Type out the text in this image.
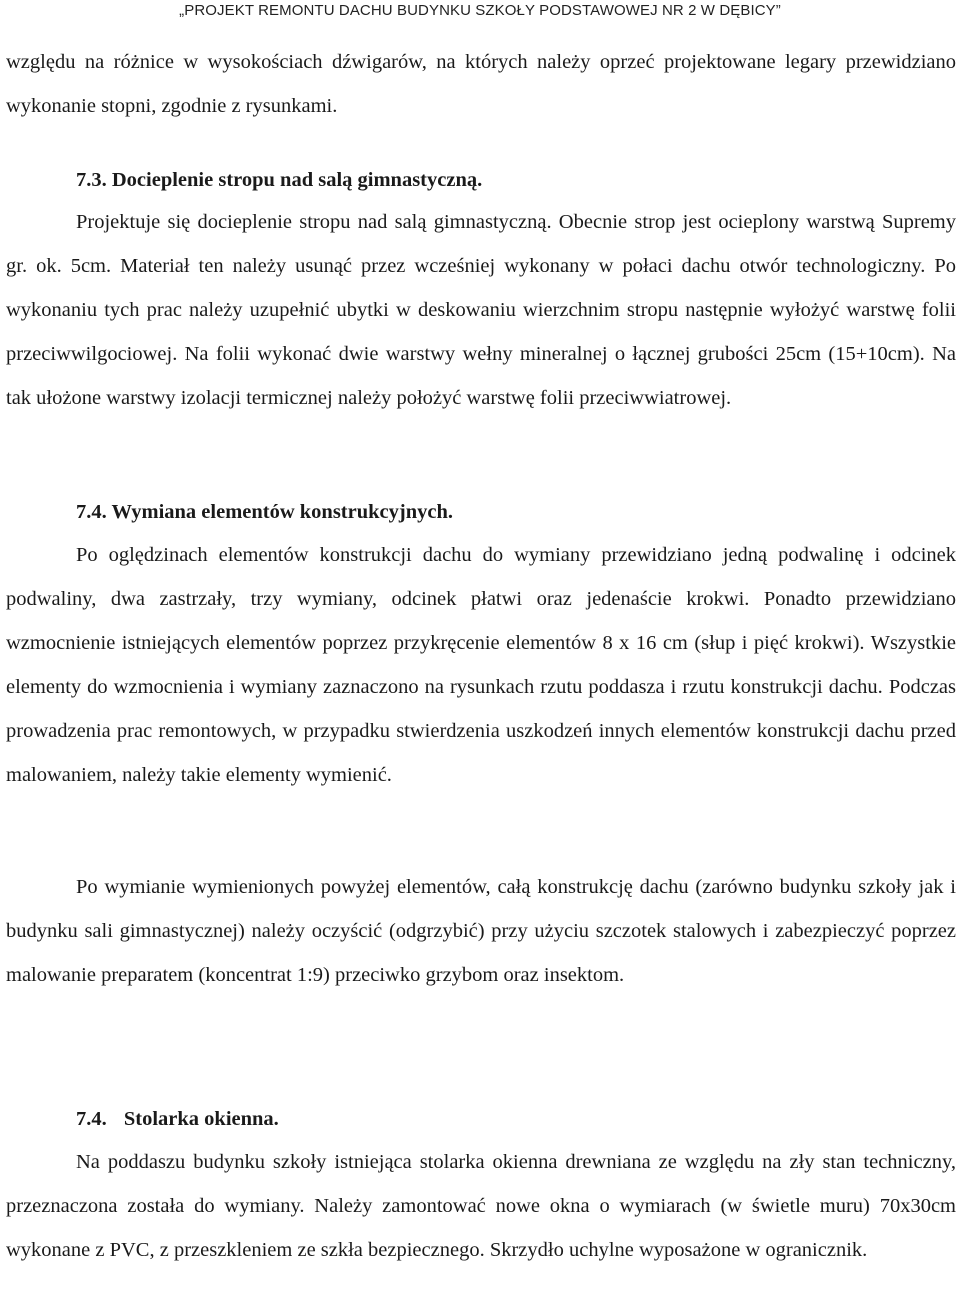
„PROJEKT REMONTU DACHU BUDYNKU SZKOŁY PODSTAWOWEJ NR 2 W DĘBICY”

względu na różnice w wysokościach dźwigarów, na których należy oprzeć projektowane legary przewidziano wykonanie stopni, zgodnie z rysunkami.

7.3. Docieplenie stropu nad salą gimnastyczną.

Projektuje się docieplenie stropu nad salą gimnastyczną. Obecnie strop jest ocieplony warstwą Supremy gr. ok. 5cm. Materiał ten należy usunąć przez wcześniej wykonany w połaci dachu otwór technologiczny. Po wykonaniu tych prac należy uzupełnić ubytki w deskowaniu wierzchnim stropu następnie wyłożyć warstwę folii przeciwwilgociowej. Na folii wykonać dwie warstwy wełny mineralnej o łącznej grubości 25cm (15+10cm). Na tak ułożone warstwy izolacji termicznej należy położyć warstwę folii przeciwwiatrowej.

7.4. Wymiana elementów konstrukcyjnych.

Po oględzinach elementów konstrukcji dachu do wymiany przewidziano jedną podwalinę i odcinek podwaliny, dwa zastrzały, trzy wymiany, odcinek płatwi oraz jedenaście krokwi. Ponadto przewidziano wzmocnienie istniejących elementów poprzez przykręcenie elementów 8 x 16 cm (słup i pięć krokwi). Wszystkie elementy do wzmocnienia i wymiany zaznaczono na rysunkach rzutu poddasza i rzutu konstrukcji dachu. Podczas prowadzenia prac remontowych, w przypadku stwierdzenia uszkodzeń innych elementów konstrukcji dachu przed malowaniem, należy takie elementy wymienić.

Po wymianie wymienionych powyżej elementów, całą konstrukcję dachu (zarówno budynku szkoły jak i budynku sali gimnastycznej) należy oczyścić (odgrzybić) przy użyciu szczotek stalowych i zabezpieczyć poprzez malowanie preparatem (koncentrat 1:9) przeciwko grzybom oraz insektom.

7.4. Stolarka okienna.

Na poddaszu budynku szkoły istniejąca stolarka okienna drewniana ze względu na zły stan techniczny, przeznaczona została do wymiany. Należy zamontować nowe okna o wymiarach (w świetle muru) 70x30cm wykonane z PVC, z przeszkleniem ze szkła bezpiecznego. Skrzydło uchylne wyposażone w ogranicznik.
